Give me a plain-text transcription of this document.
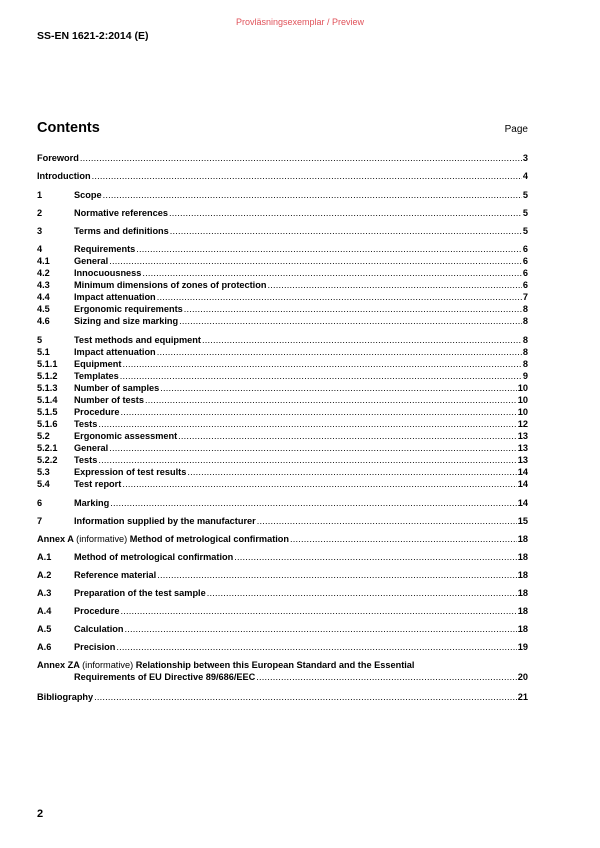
Provläsningsexemplar / Preview
SS-EN 1621-2:2014 (E)
Contents	Page
Foreword .....	3
Introduction .....	4
1	Scope .....	5
2	Normative references .....	5
3	Terms and definitions .....	5
4	Requirements .....	6
4.1	General .....	6
4.2	Innocuousness .....	6
4.3	Minimum dimensions of zones of protection .....	6
4.4	Impact attenuation .....	7
4.5	Ergonomic requirements .....	8
4.6	Sizing and size marking .....	8
5	Test methods and equipment .....	8
5.1	Impact attenuation .....	8
5.1.1	Equipment .....	8
5.1.2	Templates .....	9
5.1.3	Number of samples .....	10
5.1.4	Number of tests .....	10
5.1.5	Procedure .....	10
5.1.6	Tests .....	12
5.2	Ergonomic assessment .....	13
5.2.1	General .....	13
5.2.2	Tests .....	13
5.3	Expression of test results .....	14
5.4	Test report .....	14
6	Marking .....	14
7	Information supplied by the manufacturer .....	15
Annex A (informative) Method of metrological confirmation .....	18
A.1	Method of metrological confirmation .....	18
A.2	Reference material .....	18
A.3	Preparation of the test sample .....	18
A.4	Procedure .....	18
A.5	Calculation .....	18
A.6	Precision .....	19
Annex ZA (informative) Relationship between this European Standard and the Essential
Requirements of EU Directive 89/686/EEC .....	20
Bibliography .....	21
2
